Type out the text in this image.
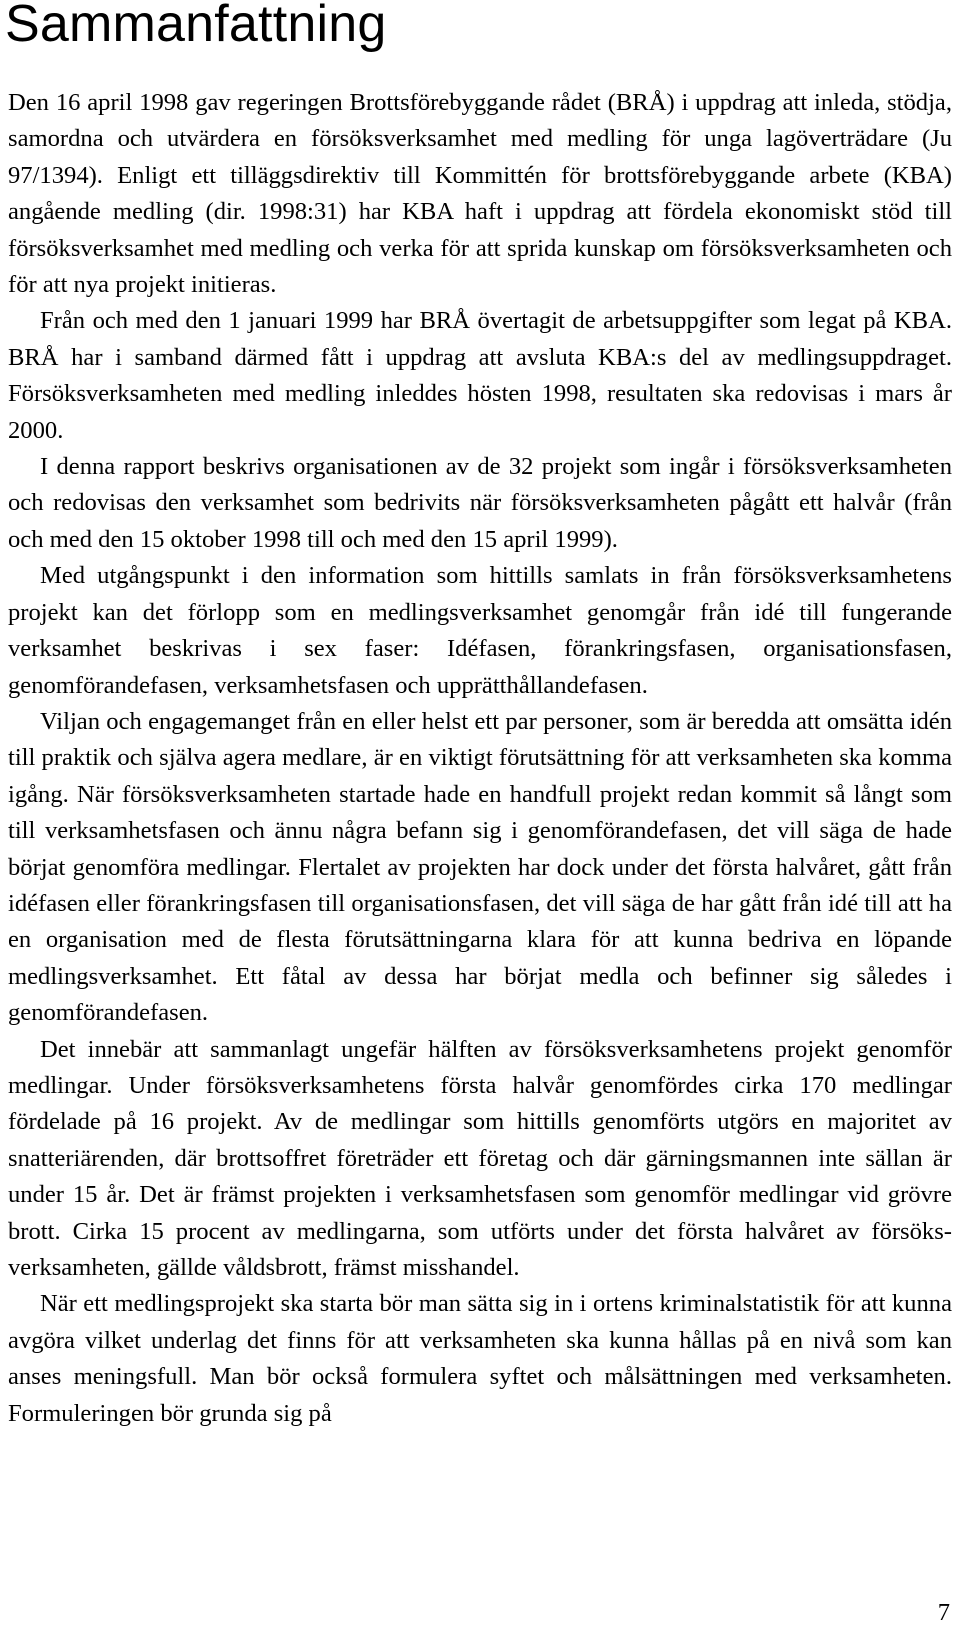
Sammanfattning

Den 16 april 1998 gav regeringen Brottsförebyggande rådet (BRÅ) i uppdrag att inleda, stödja, samordna och utvärdera en försöksverksamhet med medling för unga lagöverträdare (Ju 97/1394). Enligt ett tilläggsdirektiv till Kommittén för brottsförebyggande arbete (KBA) angående medling (dir. 1998:31) har KBA haft i uppdrag att fördela ekonomiskt stöd till försöksverksamhet med medling och verka för att sprida kunskap om försöksverksamheten och för att nya projekt initieras.

Från och med den 1 januari 1999 har BRÅ övertagit de arbetsuppgifter som legat på KBA. BRÅ har i samband därmed fått i uppdrag att avsluta KBA:s del av medlingsuppdraget. Försöksverksamheten med medling inleddes hösten 1998, resultaten ska redovisas i mars år 2000.

I denna rapport beskrivs organisationen av de 32 projekt som ingår i försöksverksamheten och redovisas den verksamhet som bedrivits när försöksverksamheten pågått ett halvår (från och med den 15 oktober 1998 till och med den 15 april 1999).

Med utgångspunkt i den information som hittills samlats in från försöksverksamhetens projekt kan det förlopp som en medlingsverksamhet genomgår från idé till fungerande verksamhet beskrivas i sex faser: Idéfasen, förankringsfasen, organisationsfasen, genomförandefasen, verksamhetsfasen och upprätthållandefasen.

Viljan och engagemanget från en eller helst ett par personer, som är beredda att omsätta idén till praktik och själva agera medlare, är en viktigt förutsättning för att verksamheten ska komma igång. När försöksverksamheten startade hade en handfull projekt redan kommit så långt som till verksamhetsfasen och ännu några befann sig i genomförandefasen, det vill säga de hade börjat genomföra medlingar. Flertalet av projekten har dock under det första halvåret, gått från idéfasen eller förankringsfasen till organisationsfasen, det vill säga de har gått från idé till att ha en organisation med de flesta förutsättningarna klara för att kunna bedriva en löpande medlingsverksamhet. Ett fåtal av dessa har börjat medla och befinner sig således i genomförandefasen.

Det innebär att sammanlagt ungefär hälften av försöksverksamhetens projekt genomför medlingar. Under försöksverksamhetens första halvår genomfördes cirka 170 medlingar fördelade på 16 projekt. Av de medlingar som hittills genomförts utgörs en majoritet av snatteriärenden, där brottsoffret företräder ett företag och där gärningsmannen inte sällan är under 15 år. Det är främst projekten i verksamhetsfasen som genomför medlingar vid grövre brott. Cirka 15 procent av medlingarna, som utförts under det första halvåret av försöksverksamheten, gällde våldsbrott, främst misshandel.

När ett medlingsprojekt ska starta bör man sätta sig in i ortens kriminalstatistik för att kunna avgöra vilket underlag det finns för att verksamheten ska kunna hållas på en nivå som kan anses meningsfull. Man bör också formulera syftet och målsättningen med verksamheten. Formuleringen bör grunda sig på

7
